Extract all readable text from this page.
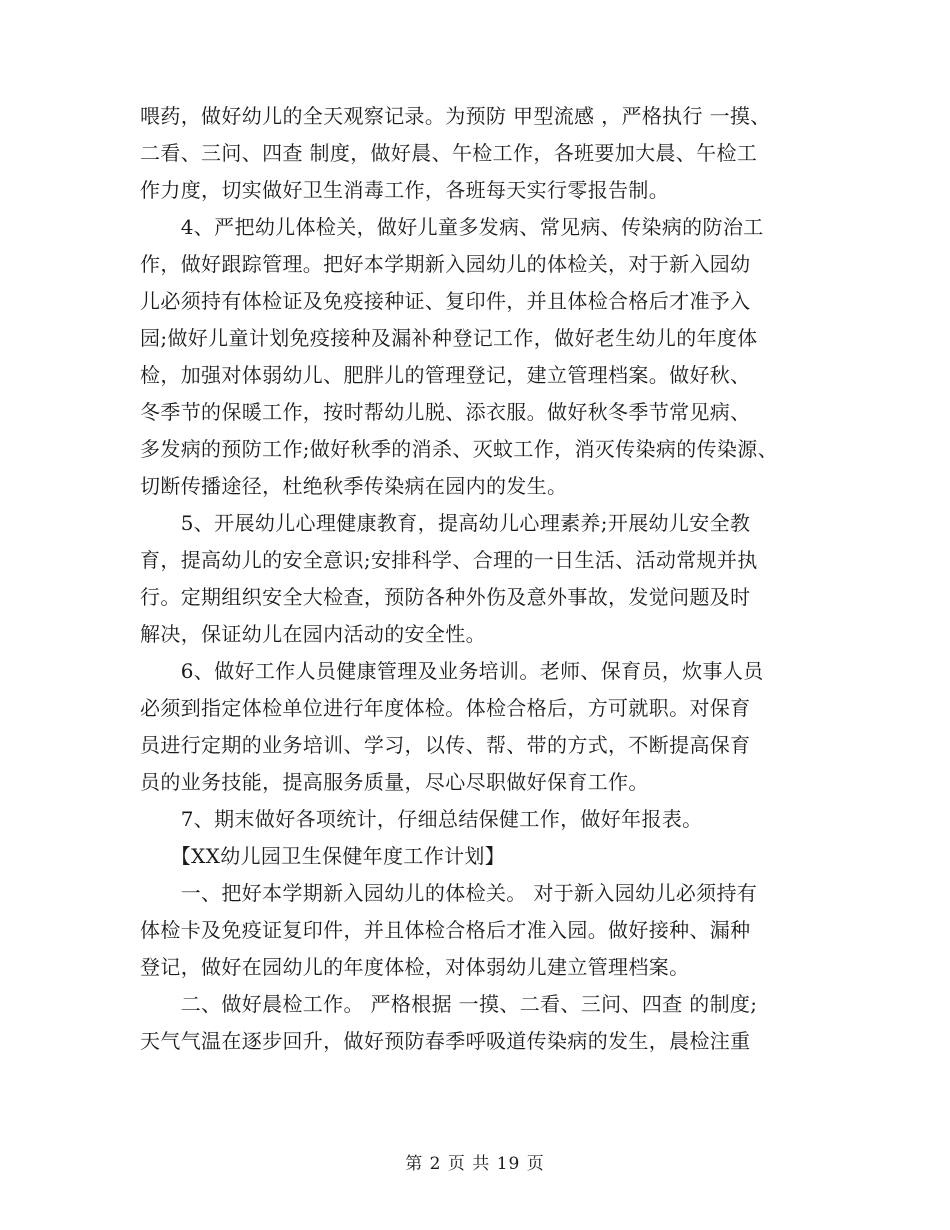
喂药，做好幼儿的全天观察记录。为预防 甲型流感 ，严格执行 一摸、
二看、三问、四查 制度，做好晨、午检工作，各班要加大晨、午检工
作力度，切实做好卫生消毒工作，各班每天实行零报告制。
　　4、严把幼儿体检关，做好儿童多发病、常见病、传染病的防治工
作，做好跟踪管理。把好本学期新入园幼儿的体检关，对于新入园幼
儿必须持有体检证及免疫接种证、复印件，并且体检合格后才准予入
园;做好儿童计划免疫接种及漏补种登记工作，做好老生幼儿的年度体
检，加强对体弱幼儿、肥胖儿的管理登记，建立管理档案。做好秋、
冬季节的保暖工作，按时帮幼儿脱、添衣服。做好秋冬季节常见病、
多发病的预防工作;做好秋季的消杀、灭蚊工作，消灭传染病的传染源、
切断传播途径，杜绝秋季传染病在园内的发生。
　　5、开展幼儿心理健康教育，提高幼儿心理素养;开展幼儿安全教
育，提高幼儿的安全意识;安排科学、合理的一日生活、活动常规并执
行。定期组织安全大检查，预防各种外伤及意外事故，发觉问题及时
解决，保证幼儿在园内活动的安全性。
　　6、做好工作人员健康管理及业务培训。老师、保育员，炊事人员
必须到指定体检单位进行年度体检。体检合格后，方可就职。对保育
员进行定期的业务培训、学习，以传、帮、带的方式，不断提高保育
员的业务技能，提高服务质量，尽心尽职做好保育工作。
　　7、期末做好各项统计，仔细总结保健工作，做好年报表。
　　【XX幼儿园卫生保健年度工作计划】
　　一、把好本学期新入园幼儿的体检关。 对于新入园幼儿必须持有
体检卡及免疫证复印件，并且体检合格后才准入园。做好接种、漏种
登记，做好在园幼儿的年度体检，对体弱幼儿建立管理档案。
　　二、做好晨检工作。 严格根据 一摸、二看、三问、四查 的制度;
天气气温在逐步回升，做好预防春季呼吸道传染病的发生，晨检注重
第 2 页 共 19 页
